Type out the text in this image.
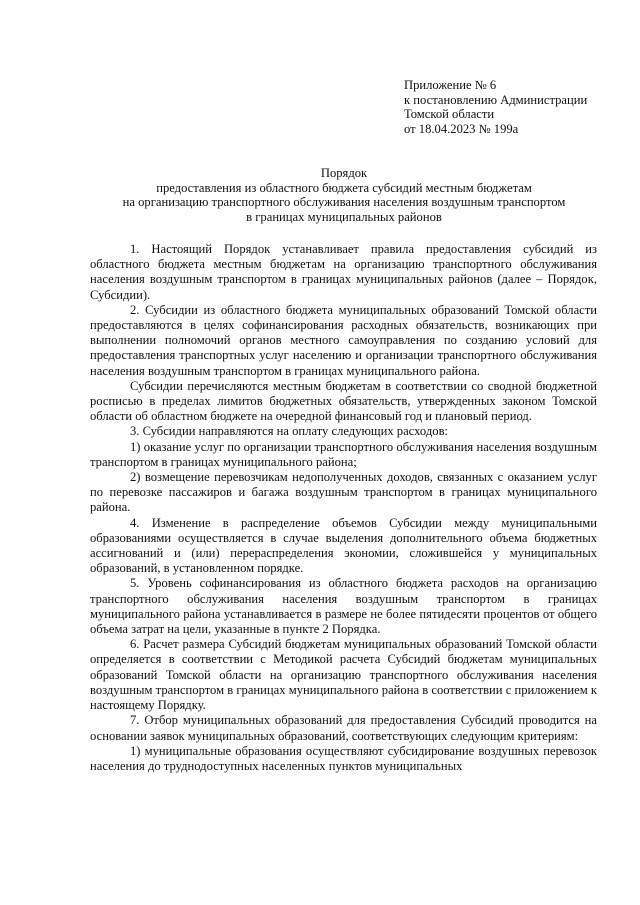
Приложение № 6
к постановлению Администрации
Томской области
от 18.04.2023 № 199а
Порядок
предоставления из областного бюджета субсидий местным бюджетам
на организацию транспортного обслуживания населения воздушным транспортом
в границах муниципальных районов

1. Настоящий Порядок устанавливает правила предоставления субсидий из областного бюджета местным бюджетам на организацию транспортного обслуживания населения воздушным транспортом в границах муниципальных районов (далее – Порядок, Субсидии).

2. Субсидии из областного бюджета муниципальных образований Томской области предоставляются в целях софинансирования расходных обязательств, возникающих при выполнении полномочий органов местного самоуправления по созданию условий для предоставления транспортных услуг населению и организации транспортного обслуживания населения воздушным транспортом в границах муниципального района.

Субсидии перечисляются местным бюджетам в соответствии со сводной бюджетной росписью в пределах лимитов бюджетных обязательств, утвержденных законом Томской области об областном бюджете на очередной финансовый год и плановый период.

3. Субсидии направляются на оплату следующих расходов:

1) оказание услуг по организации транспортного обслуживания населения воздушным транспортом в границах муниципального района;

2) возмещение перевозчикам недополученных доходов, связанных с оказанием услуг по перевозке пассажиров и багажа воздушным транспортом в границах муниципального района.

4. Изменение в распределение объемов Субсидии между муниципальными образованиями осуществляется в случае выделения дополнительного объема бюджетных ассигнований и (или) перераспределения экономии, сложившейся у муниципальных образований, в установленном порядке.

5. Уровень софинансирования из областного бюджета расходов на организацию транспортного обслуживания населения воздушным транспортом в границах муниципального района устанавливается в размере не более пятидесяти процентов от общего объема затрат на цели, указанные в пункте 2 Порядка.

6. Расчет размера Субсидий бюджетам муниципальных образований Томской области определяется в соответствии с Методикой расчета Субсидий бюджетам муниципальных образований Томской области на организацию транспортного обслуживания населения воздушным транспортом в границах муниципального района в соответствии с приложением к настоящему Порядку.

7. Отбор муниципальных образований для предоставления Субсидий проводится на основании заявок муниципальных образований, соответствующих следующим критериям:

1) муниципальные образования осуществляют субсидирование воздушных перевозок населения до труднодоступных населенных пунктов муниципальных
